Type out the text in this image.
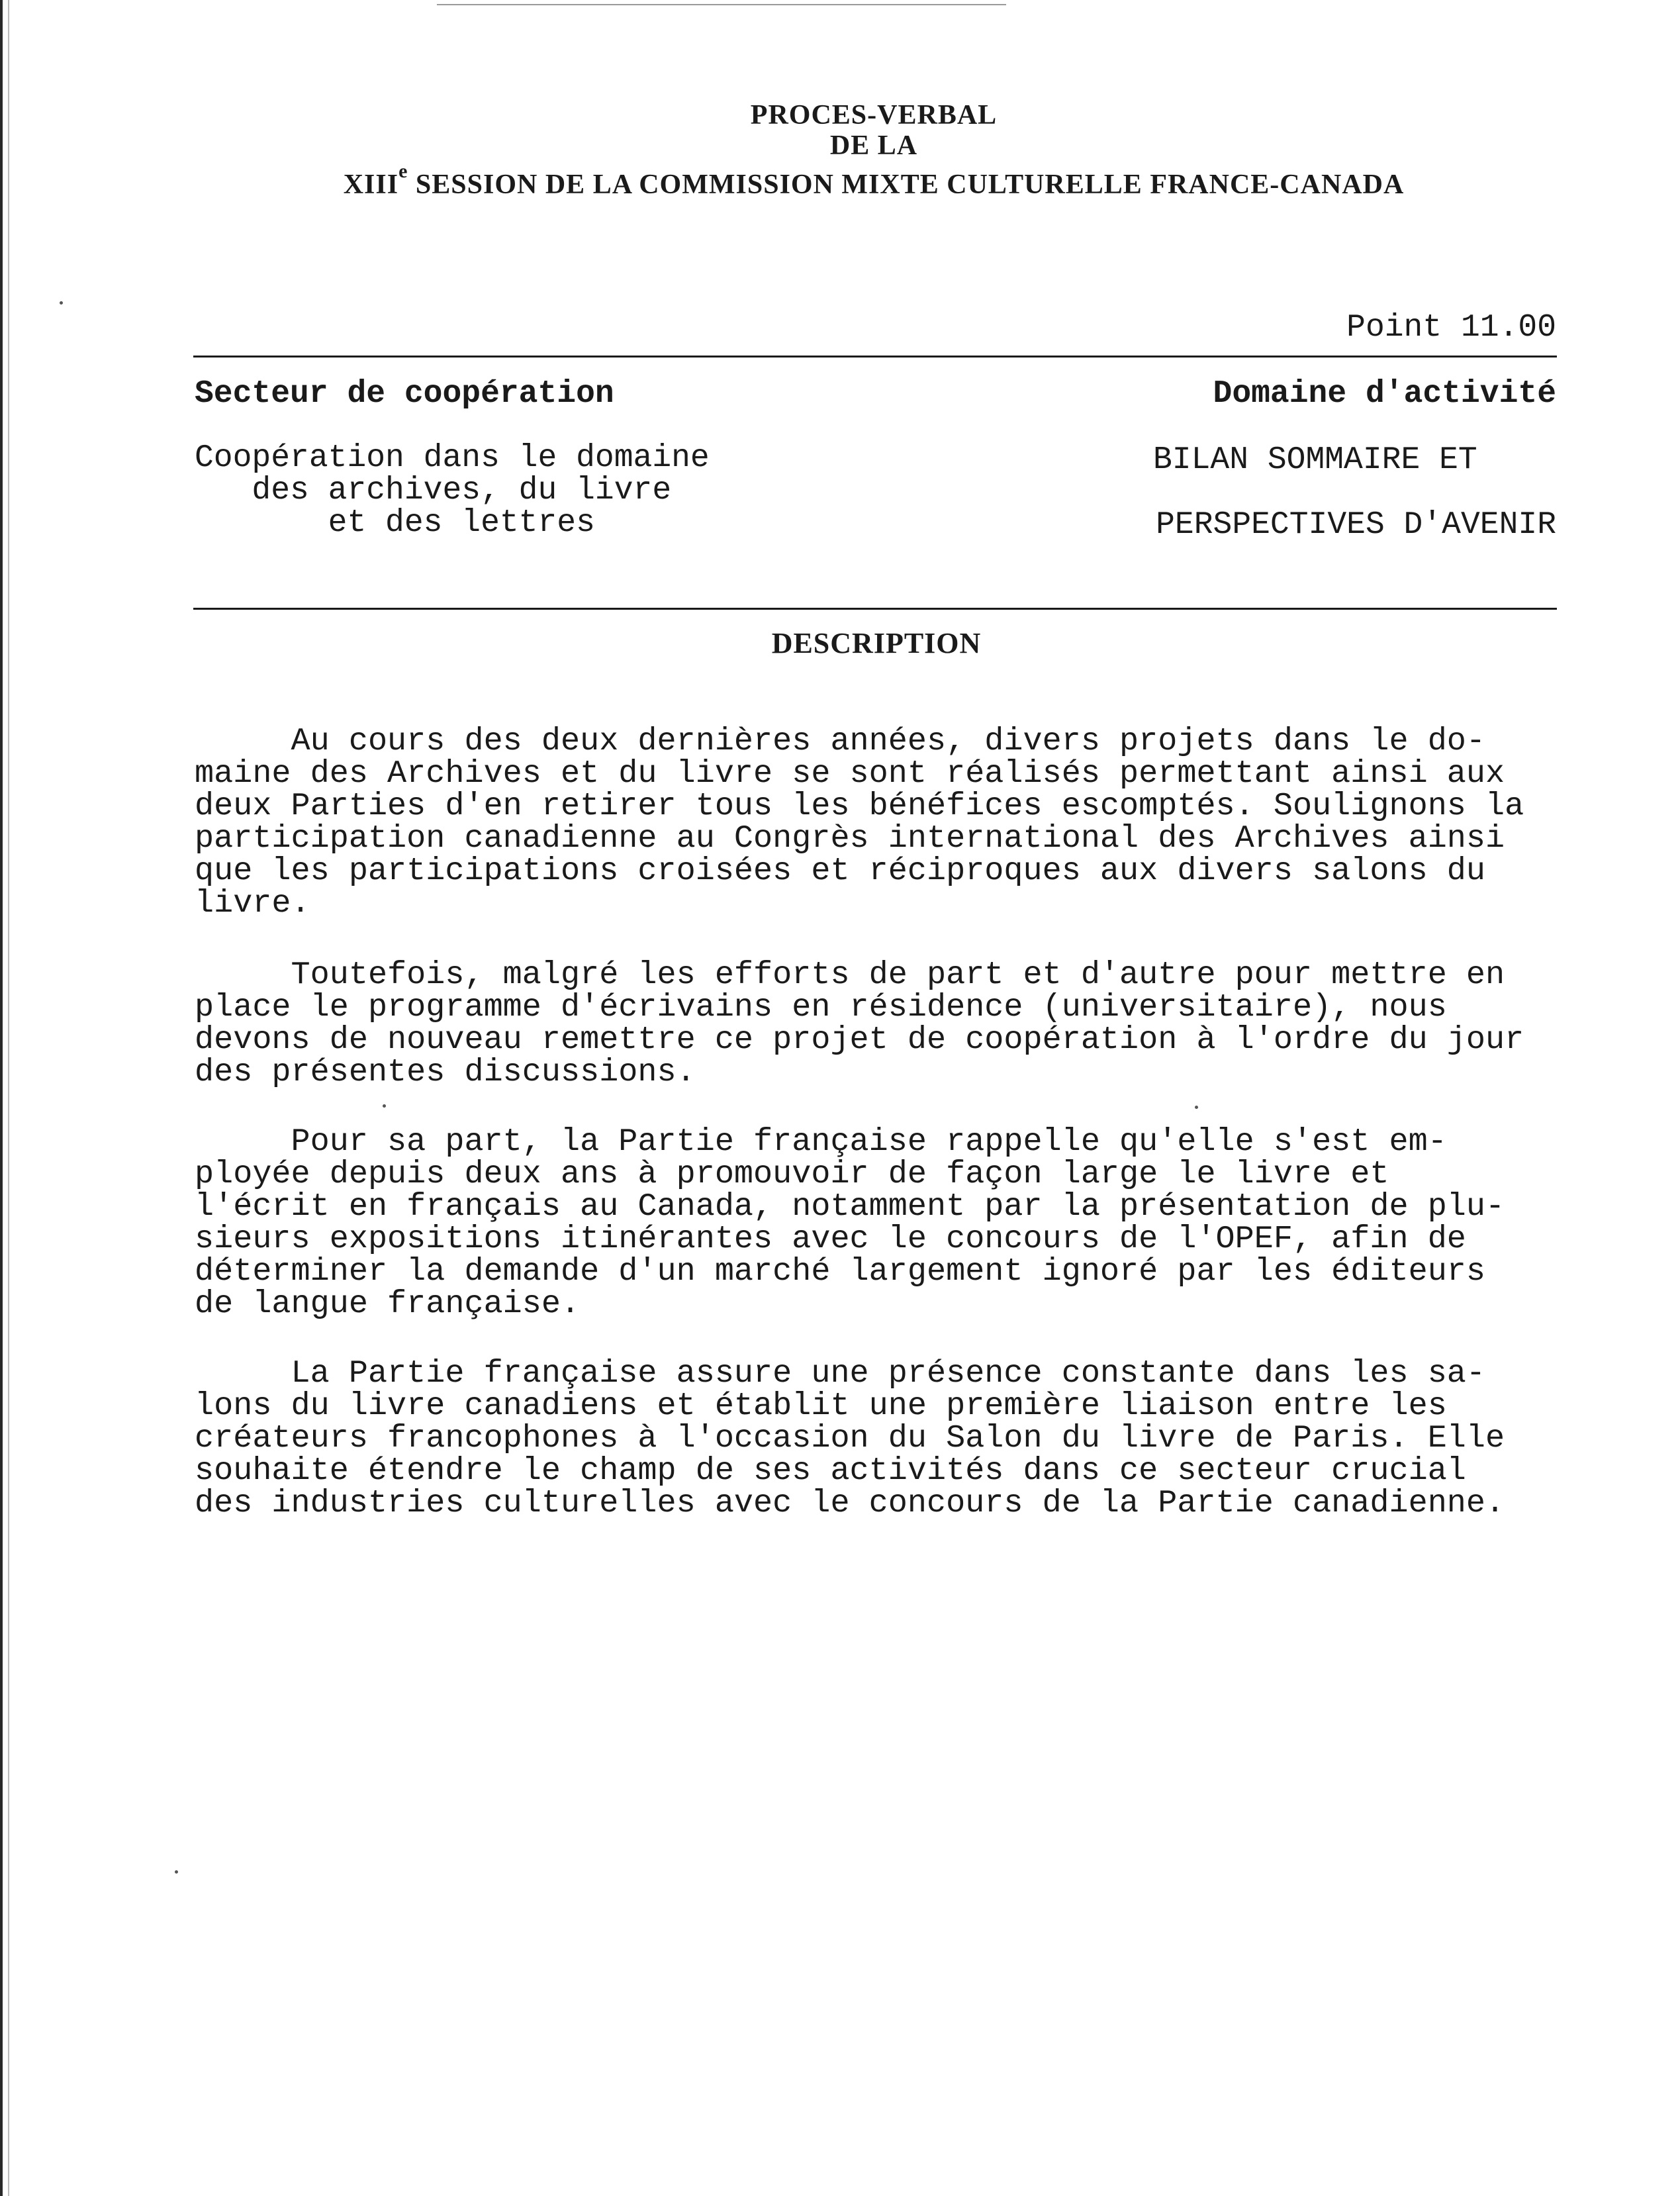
PROCES-VERBAL
DE LA
XIIIe SESSION DE LA COMMISSION MIXTE CULTURELLE FRANCE-CANADA
Point 11.00
Secteur de coopération	Domaine d'activité
Coopération dans le domaine
des archives, du livre
et des lettres
BILAN SOMMAIRE ET
PERSPECTIVES D'AVENIR
DESCRIPTION
Au cours des deux dernières années, divers projets dans le do-
maine des Archives et du livre se sont réalisés permettant ainsi aux
deux Parties d'en retirer tous les bénéfices escomptés. Soulignons la
participation canadienne au Congrès international des Archives ainsi
que les participations croisées et réciproques aux divers salons du
livre.
Toutefois, malgré les efforts de part et d'autre pour mettre en
place le programme d'écrivains en résidence (universitaire), nous
devons de nouveau remettre ce projet de coopération à l'ordre du jour
des présentes discussions.
Pour sa part, la Partie française rappelle qu'elle s'est em-
ployée depuis deux ans à promouvoir de façon large le livre et
l'écrit en français au Canada, notamment par la présentation de plu-
sieurs expositions itinérantes avec le concours de l'OPEF, afin de
déterminer la demande d'un marché largement ignoré par les éditeurs
de langue française.
La Partie française assure une présence constante dans les sa-
lons du livre canadiens et établit une première liaison entre les
créateurs francophones à l'occasion du Salon du livre de Paris. Elle
souhaite étendre le champ de ses activités dans ce secteur crucial
des industries culturelles avec le concours de la Partie canadienne.
